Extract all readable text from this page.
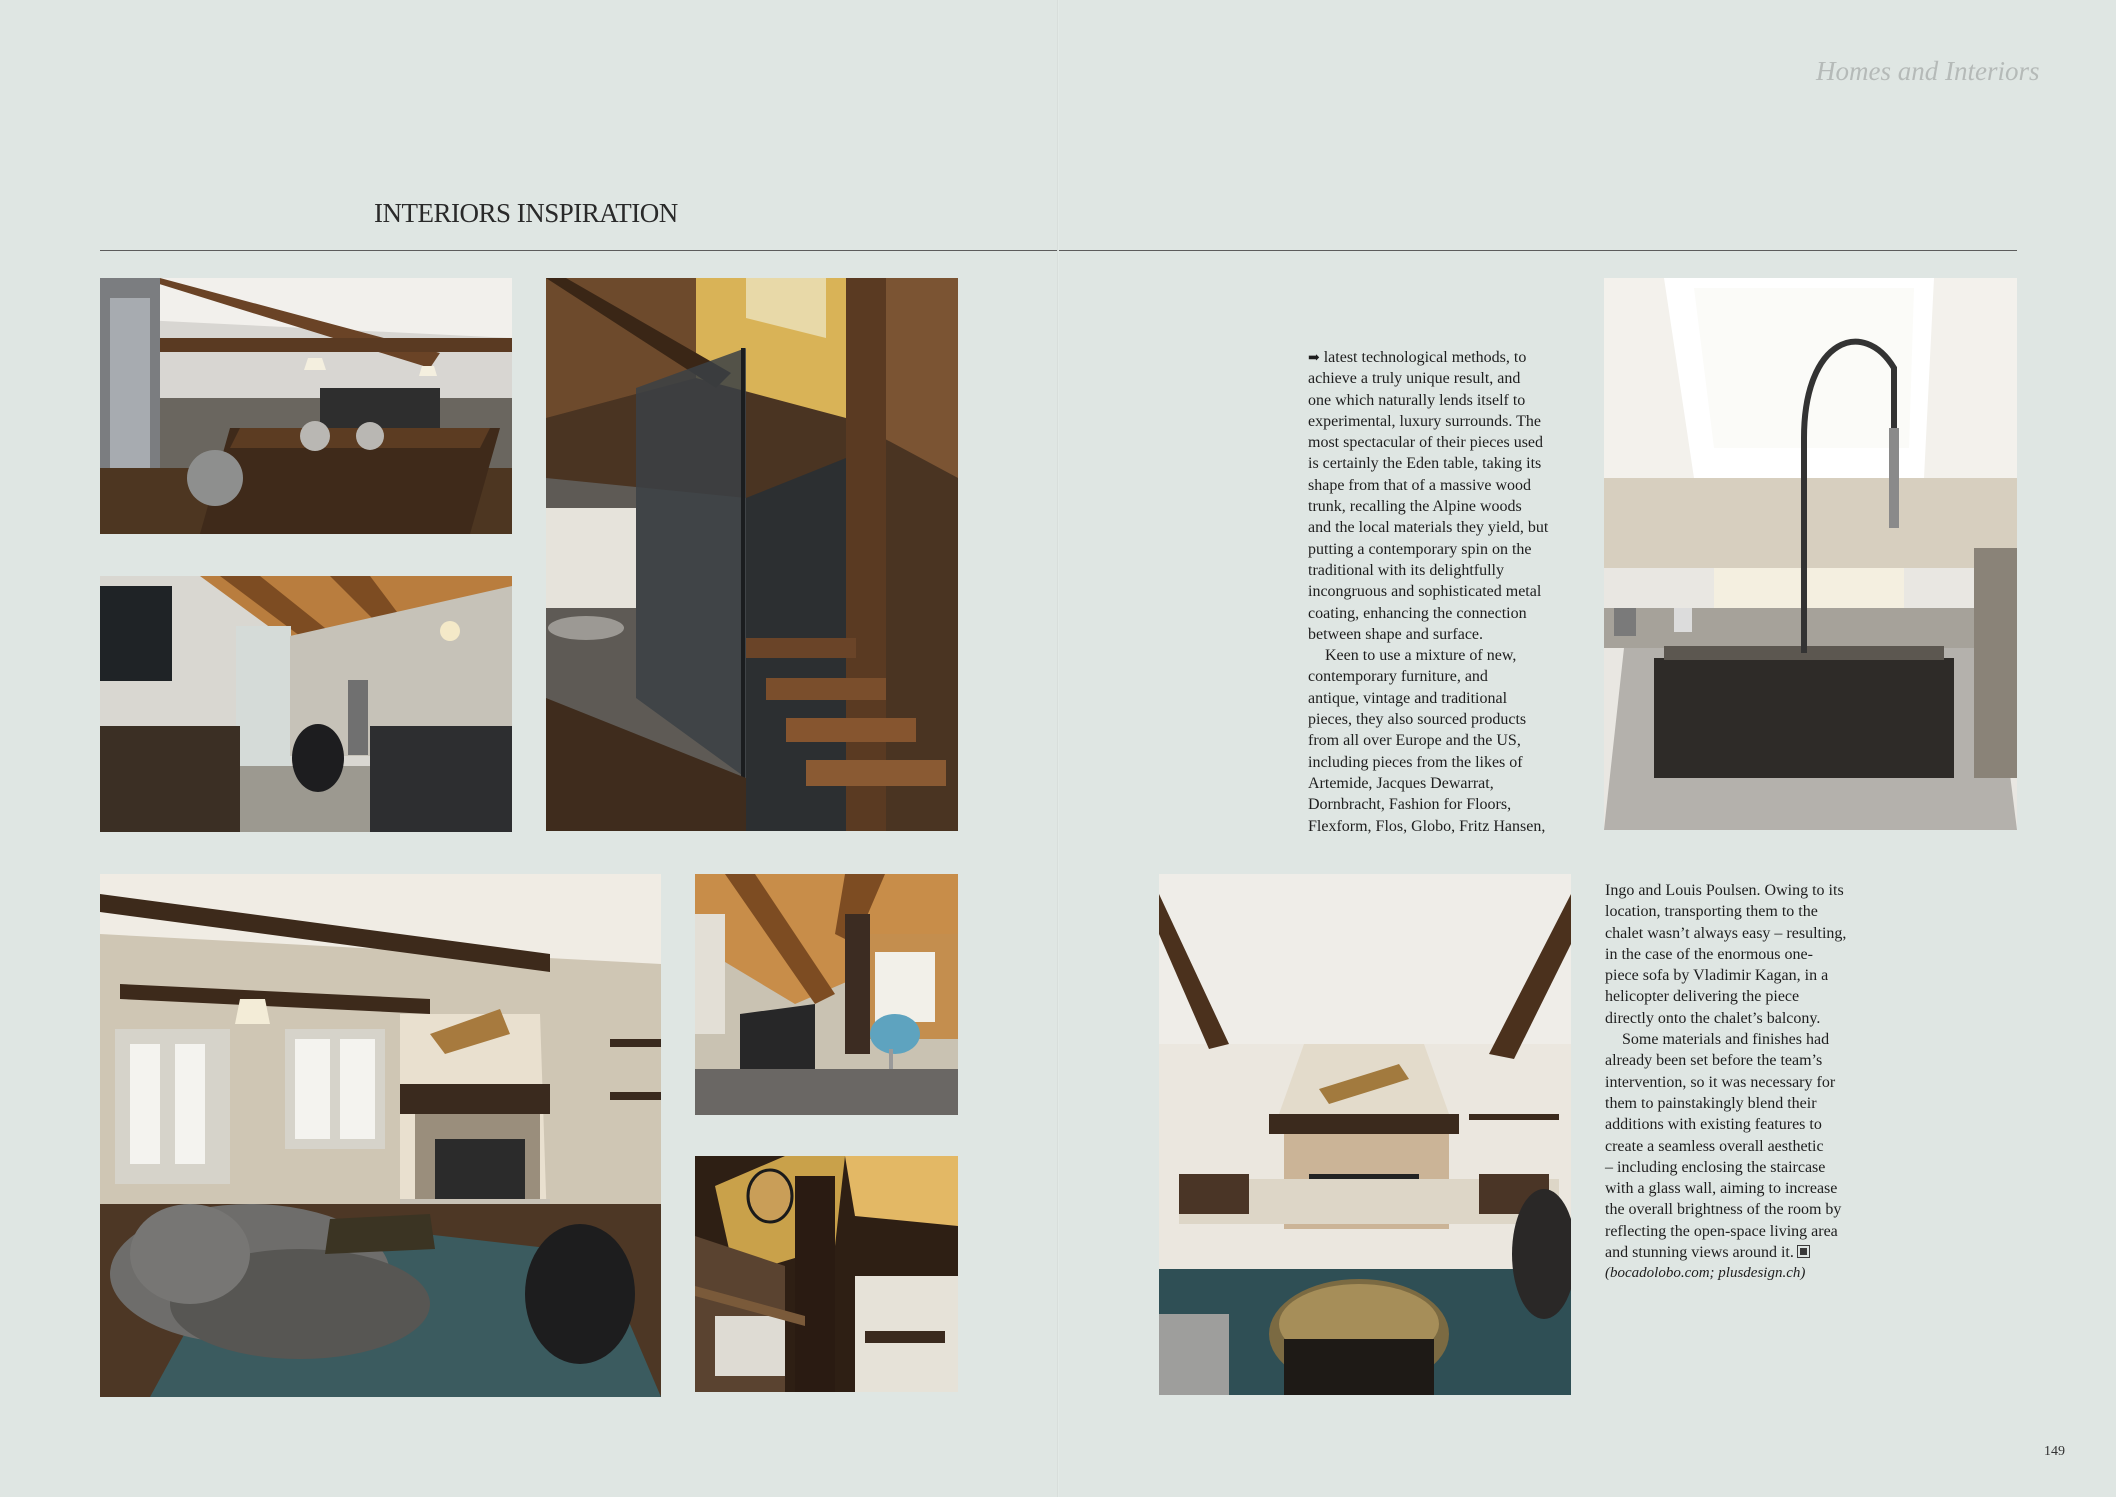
Homes and Interiors
INTERIORS INSPIRATION
➡ latest technological methods, to
achieve a truly unique result, and
one which naturally lends itself to
experimental, luxury surrounds. The
most spectacular of their pieces used
is certainly the Eden table, taking its
shape from that of a massive wood
trunk, recalling the Alpine woods
and the local materials they yield, but
putting a contemporary spin on the
traditional with its delightfully
incongruous and sophisticated metal
coating, enhancing the connection
between shape and surface.
Keen to use a mixture of new,
contemporary furniture, and
antique, vintage and traditional
pieces, they also sourced products
from all over Europe and the US,
including pieces from the likes of
Artemide, Jacques Dewarrat,
Dornbracht, Fashion for Floors,
Flexform, Flos, Globo, Fritz Hansen,
Ingo and Louis Poulsen. Owing to its
location, transporting them to the
chalet wasn’t always easy – resulting,
in the case of the enormous one-
piece sofa by Vladimir Kagan, in a
helicopter delivering the piece
directly onto the chalet’s balcony.
Some materials and finishes had
already been set before the team’s
intervention, so it was necessary for
them to painstakingly blend their
additions with existing features to
create a seamless overall aesthetic
– including enclosing the staircase
with a glass wall, aiming to increase
the overall brightness of the room by
reflecting the open-space living area
and stunning views around it.
(bocadolobo.com; plusdesign.ch)
149
